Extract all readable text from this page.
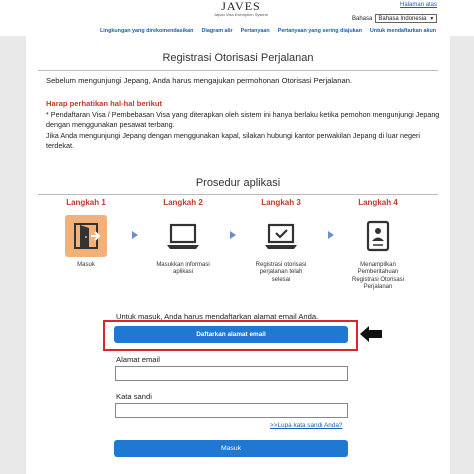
JAVES
Japan Visa Exemption System
Halaman atas
Bahasa Bahasa Indonesia ▼
Lingkungan yang direkomendasikan Diagram alir Pertanyaan Pertanyaan yang sering diajukan Untuk mendaftarkan akun
Registrasi Otorisasi Perjalanan
Sebelum mengunjungi Jepang, Anda harus mengajukan permohonan Otorisasi Perjalanan.
Harap perhatikan hal-hal berikut
* Pendaftaran Visa / Pembebasan Visa yang diterapkan oleh sistem ini hanya berlaku ketika pemohon mengunjungi Jepang dengan menggunakan pesawat terbang.
Jika Anda mengunjungi Jepang dengan menggunakan kapal, silakan hubungi kantor perwakilan Jepang di luar negeri terdekat.
Prosedur aplikasi
Langkah 1
Masuk
Langkah 2
Masukkan informasi aplikasi
Langkah 3
Registrasi otorisasi perjalanan telah selesai
Langkah 4
Menampilkan Pemberitahuan Registrasi Otorisasi Perjalanan
Untuk masuk, Anda harus mendaftarkan alamat email Anda.
Daftarkan alamat email
Alamat email
Kata sandi
>>Lupa kata sandi Anda?
Masuk
